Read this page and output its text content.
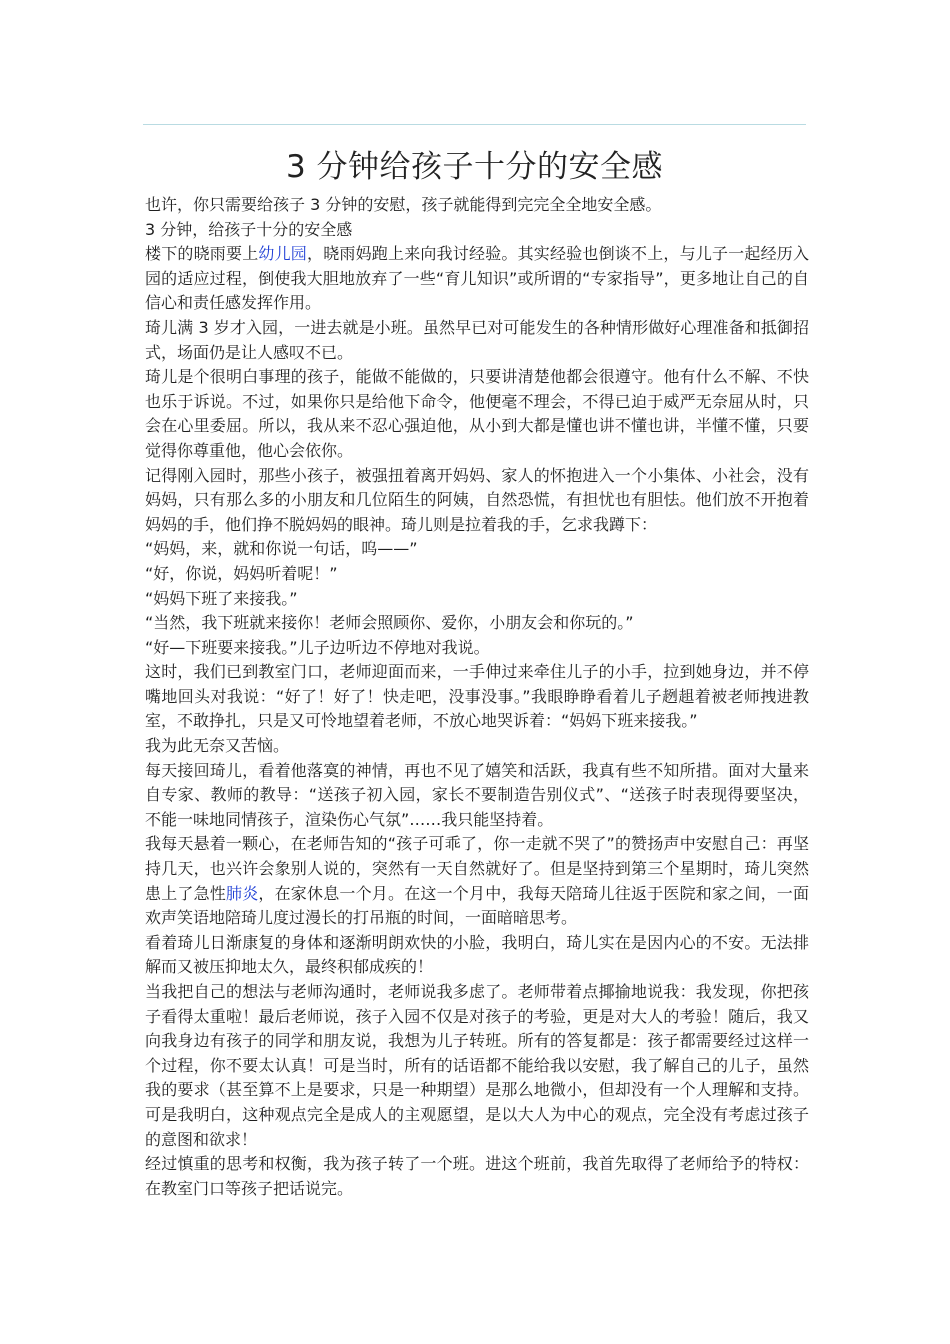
3 分钟给孩子十分的安全感

也许，你只需要给孩子 3 分钟的安慰，孩子就能得到完完全全地安全感。

3 分钟，给孩子十分的安全感

楼下的晓雨要上幼儿园，晓雨妈跑上来向我讨经验。其实经验也倒谈不上，与儿子一起经历入园的适应过程，倒使我大胆地放弃了一些“育儿知识”或所谓的“专家指导”，更多地让自己的自信心和责任感发挥作用。

琦儿满 3 岁才入园，一进去就是小班。虽然早已对可能发生的各种情形做好心理准备和抵御招式，场面仍是让人感叹不已。

琦儿是个很明白事理的孩子，能做不能做的，只要讲清楚他都会很遵守。他有什么不解、不快也乐于诉说。不过，如果你只是给他下命令，他便毫不理会，不得已迫于威严无奈屈从时，只会在心里委屈。所以，我从来不忍心强迫他，从小到大都是懂也讲不懂也讲，半懂不懂，只要觉得你尊重他，他心会依你。

记得刚入园时，那些小孩子，被强扭着离开妈妈、家人的怀抱进入一个小集体、小社会，没有妈妈，只有那么多的小朋友和几位陌生的阿姨，自然恐慌，有担忧也有胆怯。他们放不开抱着妈妈的手，他们挣不脱妈妈的眼神。琦儿则是拉着我的手，乞求我蹲下：

“妈妈，来，就和你说一句话，呜——”

“好，你说，妈妈听着呢！”

“妈妈下班了来接我。”

“当然，我下班就来接你！老师会照顾你、爱你，小朋友会和你玩的。”

“好—下班要来接我。”儿子边听边不停地对我说。

这时，我们已到教室门口，老师迎面而来，一手伸过来牵住儿子的小手，拉到她身边，并不停嘴地回头对我说：“好了！好了！快走吧，没事没事。”我眼睁睁看着儿子趔趄着被老师拽进教室，不敢挣扎，只是又可怜地望着老师，不放心地哭诉着：“妈妈下班来接我。”

我为此无奈又苦恼。

每天接回琦儿，看着他落寞的神情，再也不见了嬉笑和活跃，我真有些不知所措。面对大量来自专家、教师的教导：“送孩子初入园，家长不要制造告别仪式”、“送孩子时表现得要坚决，不能一味地同情孩子，渲染伤心气氛”……我只能坚持着。

我每天悬着一颗心，在老师告知的“孩子可乖了，你一走就不哭了”的赞扬声中安慰自己：再坚持几天，也兴许会象别人说的，突然有一天自然就好了。但是坚持到第三个星期时，琦儿突然患上了急性肺炎，在家休息一个月。在这一个月中，我每天陪琦儿往返于医院和家之间，一面欢声笑语地陪琦儿度过漫长的打吊瓶的时间，一面暗暗思考。

看着琦儿日渐康复的身体和逐渐明朗欢快的小脸，我明白，琦儿实在是因内心的不安。无法排解而又被压抑地太久，最终积郁成疾的！

当我把自己的想法与老师沟通时，老师说我多虑了。老师带着点揶揄地说我：我发现，你把孩子看得太重啦！最后老师说，孩子入园不仅是对孩子的考验，更是对大人的考验！随后，我又向我身边有孩子的同学和朋友说，我想为儿子转班。所有的答复都是：孩子都需要经过这样一个过程，你不要太认真！可是当时，所有的话语都不能给我以安慰，我了解自己的儿子，虽然我的要求（甚至算不上是要求，只是一种期望）是那么地微小，但却没有一个人理解和支持。可是我明白，这种观点完全是成人的主观愿望，是以大人为中心的观点，完全没有考虑过孩子的意图和欲求！

经过慎重的思考和权衡，我为孩子转了一个班。进这个班前，我首先取得了老师给予的特权：在教室门口等孩子把话说完。
